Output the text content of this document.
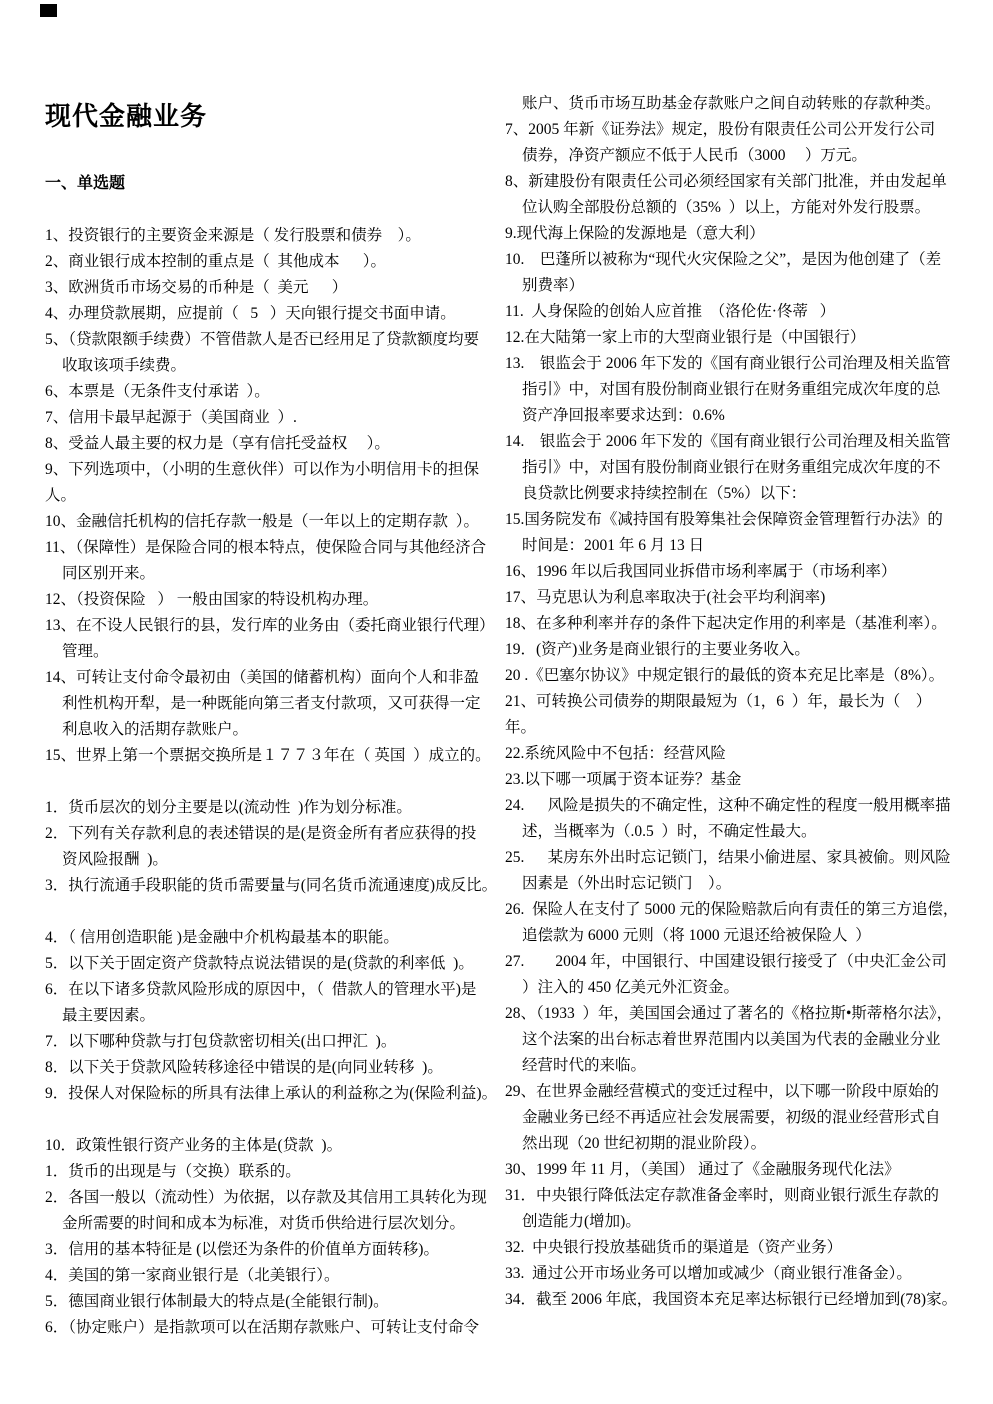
现代金融业务
一、单选题
1、投资银行的主要资金来源是（ 发行股票和债券    ）。
2、商业银行成本控制的重点是（  其他成本      ）。
3、欧洲货币市场交易的币种是（  美元      ）
4、办理贷款展期，应提前（   5   ）天向银行提交书面申请。
5、（贷款限额手续费）不管借款人是否已经用足了贷款额度均要
收取该项手续费。
6、本票是（无条件支付承诺  ）。
7、信用卡最早起源于（美国商业  ）.
8、受益人最主要的权力是（享有信托受益权     ）。
9、下列选项中，（小明的生意伙伴）可以作为小明信用卡的担保
人。
10、金融信托机构的信托存款一般是（一年以上的定期存款  ）。
11、（保障性）是保险合同的根本特点，使保险合同与其他经济合
同区别开来。
12、（投资保险   ） 一般由国家的特设机构办理。
13、在不设人民银行的县，发行库的业务由（委托商业银行代理）
管理。
14、可转让支付命令最初由（美国的储蓄机构）面向个人和非盈
利性机构开犁，是一种既能向第三者支付款项，又可获得一定
利息收入的活期存款账户。
15、世界上第一个票据交换所是１７７３年在（ 英国  ）成立的。
1．货币层次的划分主要是以(流动性  )作为划分标准。
2．下列有关存款利息的表述错误的是(是资金所有者应获得的投
资风险报酬  )。
3．执行流通手段职能的货币需要量与(同名货币流通速度)成反比。
4．（ 信用创造职能 )是金融中介机构最基本的职能。
5．以下关于固定资产贷款特点说法错误的是(贷款的利率低  )。
6．在以下诸多贷款风险形成的原因中，（  借款人的管理水平)是
最主要因素。
7．以下哪种贷款与打包贷款密切相关(出口押汇  )。
8．以下关于贷款风险转移途径中错误的是(向同业转移  )。
9．投保人对保险标的所具有法律上承认的利益称之为(保险利益)。
10．政策性银行资产业务的主体是(贷款  )。
1．货币的出现是与（交换）联系的。
2．各国一般以（流动性）为依据，以存款及其信用工具转化为现
金所需要的时间和成本为标准，对货币供给进行层次划分。
3．信用的基本特征是 (以偿还为条件的价值单方面转移)。
4．美国的第一家商业银行是（北美银行）。
5．德国商业银行体制最大的特点是(全能银行制)。
6．（协定账户）是指款项可以在活期存款账户、可转让支付命令
账户、货币市场互助基金存款账户之间自动转账的存款种类。
7、2005 年新《证券法》规定，股份有限责任公司公开发行公司
债券，净资产额应不低于人民币（3000     ）万元。
8、新建股份有限责任公司必须经国家有关部门批准，并由发起单
位认购全部股份总额的（35%  ）以上，方能对外发行股票。
9.现代海上保险的发源地是（意大利）
10.    巴蓬所以被称为“现代火灾保险之父”，是因为他创建了（差
别费率）
11.  人身保险的创始人应首推  （洛伦佐·佟蒂   ）
12.在大陆第一家上市的大型商业银行是（中国银行）
13.    银监会于 2006 年下发的《国有商业银行公司治理及相关监管
指引》中，对国有股份制商业银行在财务重组完成次年度的总
资产净回报率要求达到：0.6%
14.    银监会于 2006 年下发的《国有商业银行公司治理及相关监管
指引》中，对国有股份制商业银行在财务重组完成次年度的不
良贷款比例要求持续控制在（5%）以下：
15.国务院发布《减持国有股筹集社会保障资金管理暂行办法》的
时间是：2001 年 6 月 13 日
16、1996 年以后我国同业拆借市场利率属于（市场利率）
17、马克思认为利息率取决于(社会平均利润率)
18、在多种利率并存的条件下起决定作用的利率是（基准利率）。
19．(资产)业务是商业银行的主要业务收入。
20 .《巴塞尔协议》中规定银行的最低的资本充足比率是（8%）。
21、可转换公司债券的期限最短为（1，6  ）年，最长为（    ）
年。
22.系统风险中不包括：经营风险
23.以下哪一项属于资本证券？基金
24.      风险是损失的不确定性，这种不确定性的程度一般用概率描
述，当概率为（.0.5  ）时，不确定性最大。
25.      某房东外出时忘记锁门，结果小偷进屋、家具被偷。则风险
因素是（外出时忘记锁门    ）。
26.  保险人在支付了 5000 元的保险赔款后向有责任的第三方追偿，
追偿款为 6000 元则（将 1000 元退还给被保险人  ）
27.        2004 年，中国银行、中国建设银行接受了（中央汇金公司
）注入的 450 亿美元外汇资金。
28、（1933  ）年，美国国会通过了著名的《格拉斯•斯蒂格尔法》，
这个法案的出台标志着世界范围内以美国为代表的金融业分业
经营时代的来临。
29、在世界金融经营模式的变迁过程中，以下哪一阶段中原始的
金融业务已经不再适应社会发展需要，初级的混业经营形式自
然出现（20 世纪初期的混业阶段）。
30、1999 年 11 月，（美国） 通过了《金融服务现代化法》
31．中央银行降低法定存款准备金率时，则商业银行派生存款的
创造能力(增加)。
32.  中央银行投放基础货币的渠道是（资产业务）
33.  通过公开市场业务可以增加或减少（商业银行准备金）。
34．截至 2006 年底，我国资本充足率达标银行已经增加到(78)家。
